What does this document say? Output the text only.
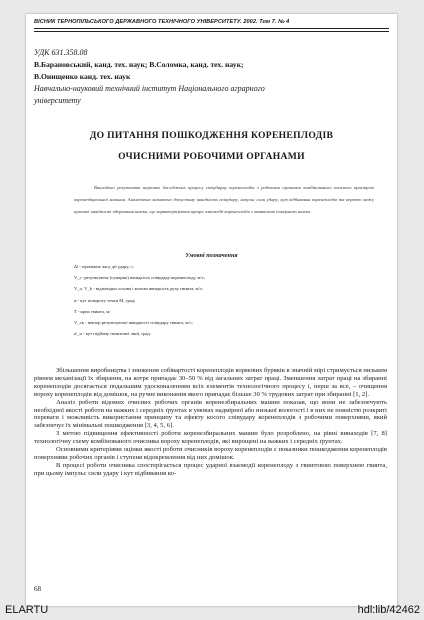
ВІСНИК ТЕРНОПІЛЬСЬКОГО ДЕРЖАВНОГО ТЕХНІЧНОГО УНІВЕРСИТЕТУ. 2002. Том 7. № 4
УДК 631.358.08
В.Барановський, канд. тех. наук; В.Соломка, канд. тех. наук;
В.Онищенко канд. тех. наук
Навчально-науковий технічний інститут Національного аграрного
університету
ДО ПИТАННЯ ПОШКОДЖЕННЯ КОРЕНЕПЛОДІВ
ОЧИСНИМИ РОБОЧИМИ ОРГАНАМИ
Викладено результати наукових досліджень процесу співударну коренеплодів з робочими органами комбінованого очисного пристрою коренезбиральної машини. Аналітично визначено допустиму швидкість співудару, імпульс сили удару, хут відбивання коренеплодів та вертою межу кутової швидкості обертання шнека, що характеризують процес взаємодії коренеплодів з гвинтовою поверхнею шнека.
Умовні позначення
Δt - проміжок часу дії удару, с;
V_c -результуюча (сумарна) швидкість співудару коренеплоду, м/с;
V_o, V_k - відповідно осьова і колова швидкість руху гвинта, м/с;
α - кут повороту точки М, град;
T - крок гвинта, м;
V_ск - вектор результуючої швидкості співудару гвинта, м/с;
α'_n - кут підйому гвинтової лінії, град.

Збільшення виробництва і зниження собівартості коренеплодів кормових буряків в значній мірі стримується низьким рівнем механізації їх збирання, на котре припадає 30–50 % від загальних затрат праці. Зменшення затрат праці на збиранні коренеплодів досягається подальшим удосконаленням всіх елементів технологічного процесу і, перш за все, – очищення вороху коренеплодів від домішок, на ручне виконання якого припадає більше 30 % трудових затрат при збиранні [1, 2].

Аналіз роботи відомих очисних робочих органів коренезбиральних машин показав, що вони не забезпечують необхідної якості роботи на важких і середніх ґрунтах в умовах надмірної або низької вологості і в них не повністю розкриті переваги і можливість використання принципу та ефекту косого співудару коренеплодів з робочими поверхнями, який забезпечує їх мінімальні пошкодження [3, 4, 5, 6].

З метою підвищення ефективності роботи коренезбиральних машин було розроблено, на рівні винаходів [7, 8] технологічну схему комбінованого очисника вороху коренеплодів, які вирощені на важких і середніх ґрунтах.

Основними критеріями оцінки якості роботи очисників вороху коренеплодів є показники пошкодження коренеплодів поверхнями робочих органів і ступеня відокремлення від них домішок.

В процесі роботи очисника спостерігається процес ударної взаємодії коренеплоду з гвинтовою поверхнею гвинта, при цьому імпульс сили удару і кут відбивання ко-

68
ELARTU	hdl:lib/42462
